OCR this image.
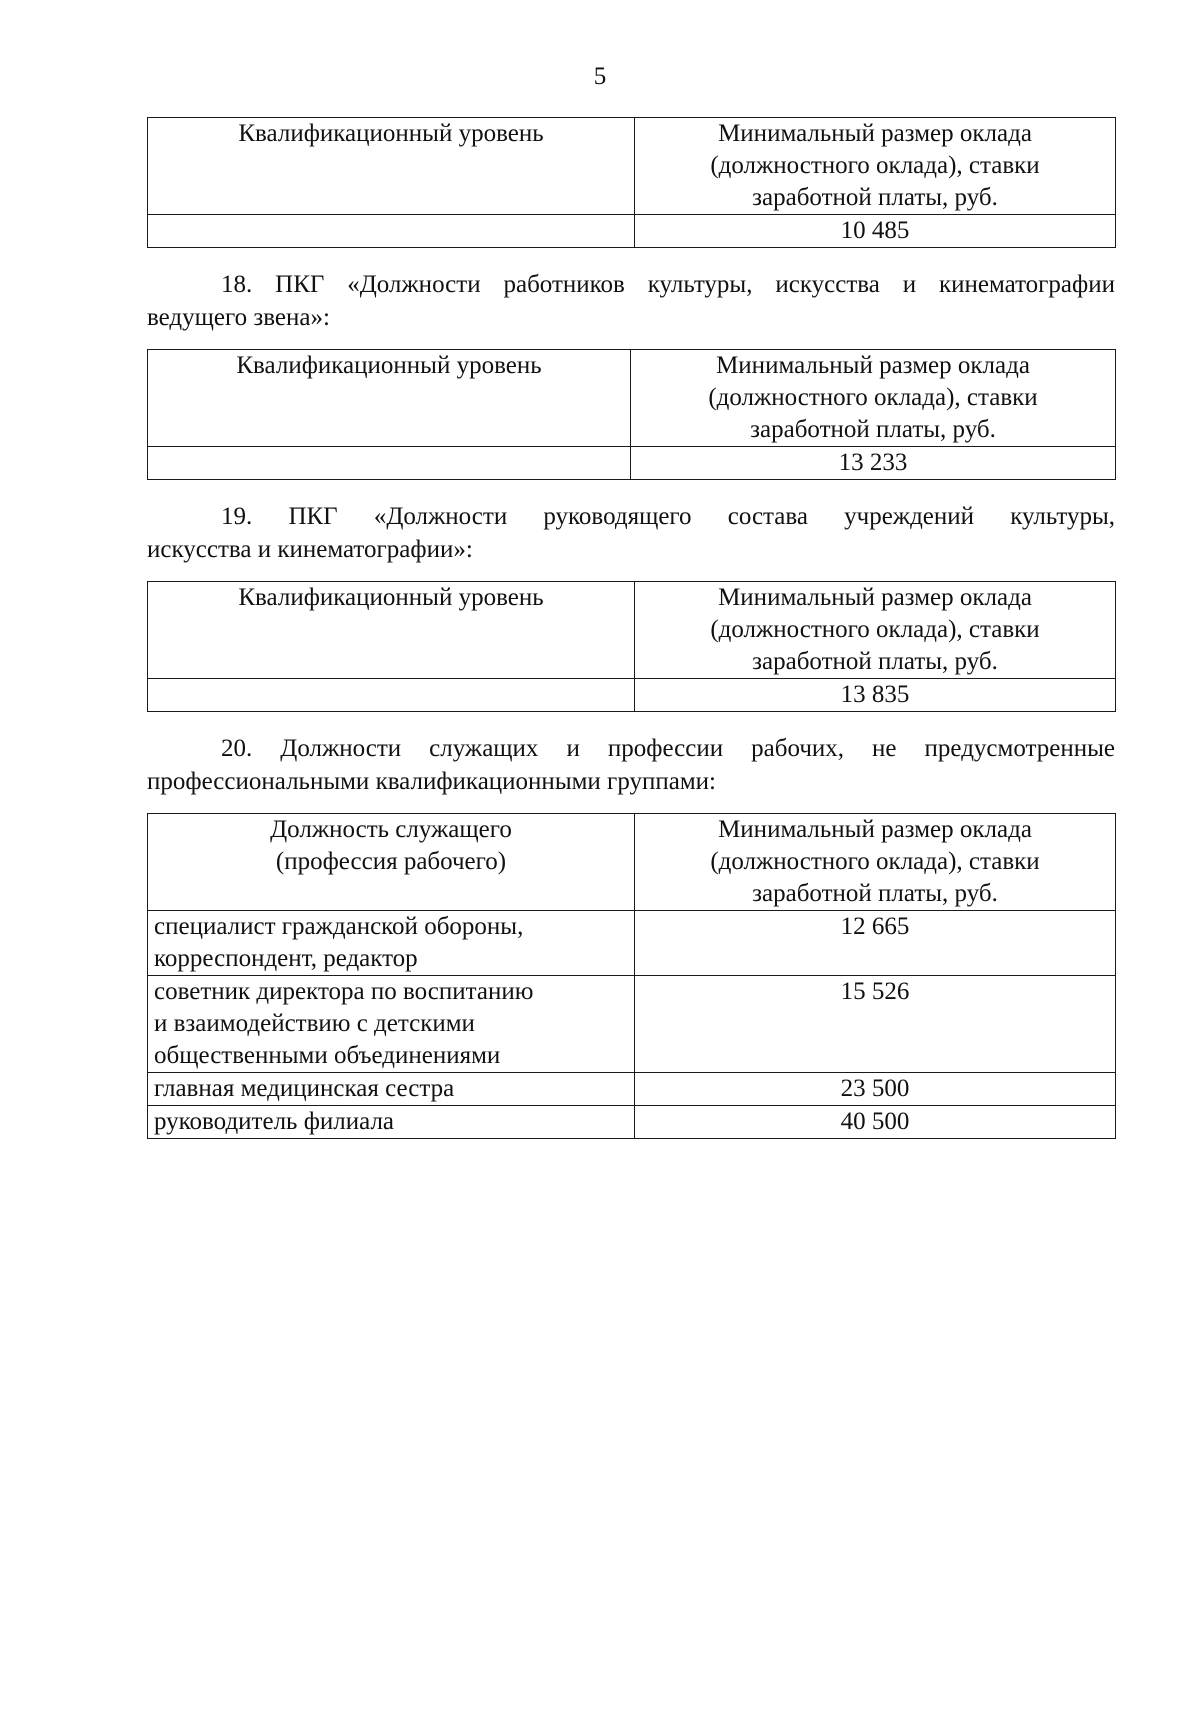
5
Квалификационный уровень	Минимальный размер оклада
(должностного оклада), ставки
заработной платы, руб.

	10 485
18. ПКГ «Должности работников культуры, искусства и кинематографии
ведущего звена»:
Квалификационный уровень	Минимальный размер оклада
(должностного оклада), ставки
заработной платы, руб.

	13 233
19. ПКГ «Должности руководящего состава учреждений культуры,
искусства и кинематографии»:
Квалификационный уровень	Минимальный размер оклада
(должностного оклада), ставки
заработной платы, руб.

	13 835
20. Должности служащих и профессии рабочих, не предусмотренные
профессиональными квалификационными группами:
Должность служащего
(профессия рабочего)	Минимальный размер оклада
(должностного оклада), ставки
заработной платы, руб.

специалист гражданской обороны,
корреспондент, редактор	12 665

советник директора по воспитанию
и взаимодействию с детскими
общественными объединениями	15 526

главная медицинская сестра	23 500

руководитель филиала	40 500
